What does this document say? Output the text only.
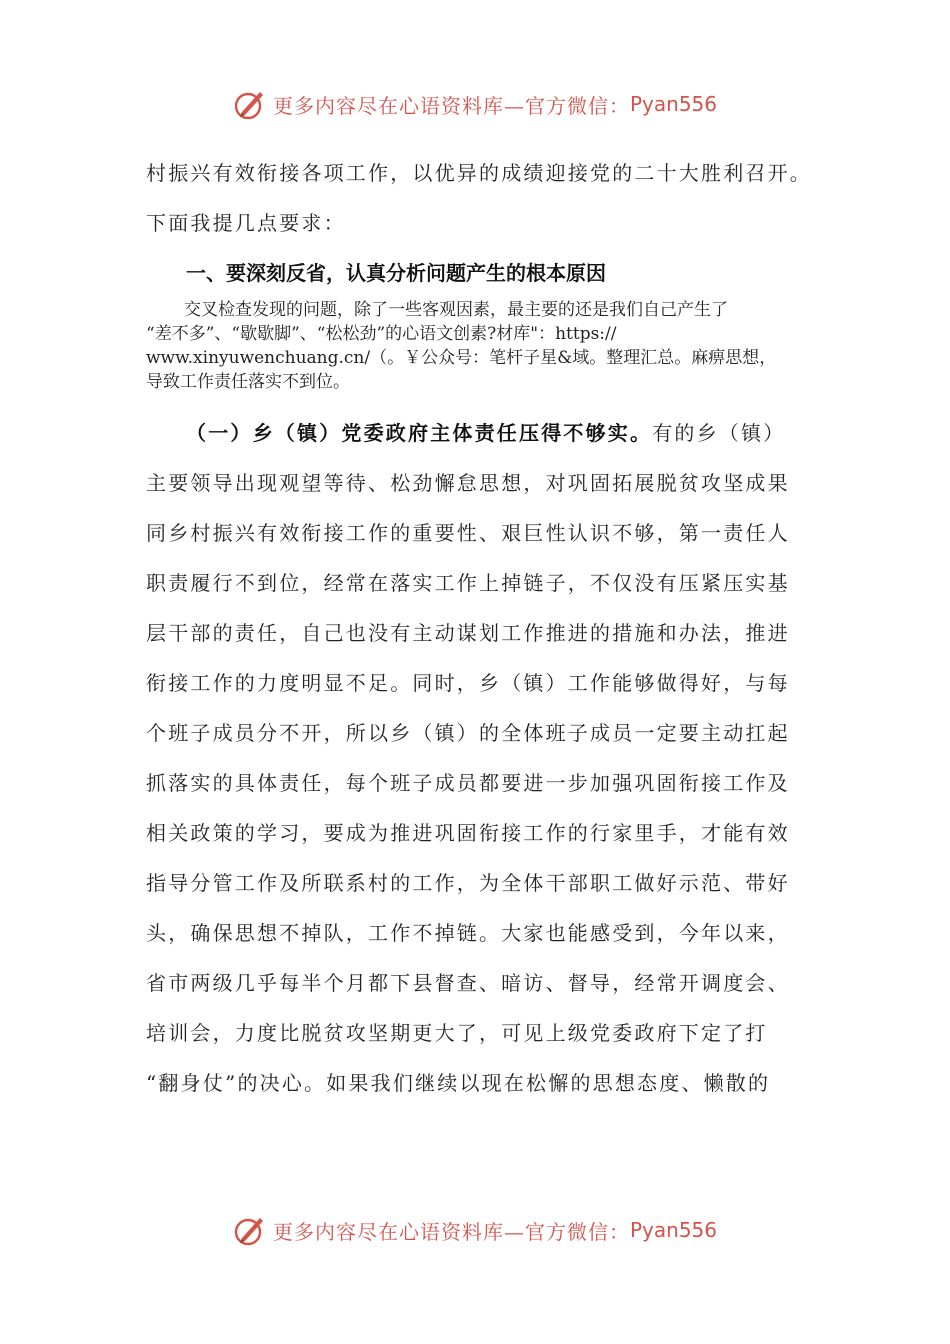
更多内容尽在心语资料库—官方微信： Pyan556
村振兴有效衔接各项工作，以优异的成绩迎接党的二十大胜利召开。
下面我提几点要求：
一、要深刻反省，认真分析问题产生的根本原因
交叉检查发现的问题，除了一些客观因素，最主要的还是我们自己产生了
“差不多”、“歇歇脚”、“松松劲”的心语文创素?材库"：https://
www.xinyuwenchuang.cn/（。￥公众号：笔杆子星&域。整理汇总。麻痹思想，
导致工作责任落实不到位。
（一）乡（镇）党委政府主体责任压得不够实。有的乡（镇）
主要领导出现观望等待、松劲懈怠思想，对巩固拓展脱贫攻坚成果
同乡村振兴有效衔接工作的重要性、艰巨性认识不够，第一责任人
职责履行不到位，经常在落实工作上掉链子，不仅没有压紧压实基
层干部的责任，自己也没有主动谋划工作推进的措施和办法，推进
衔接工作的力度明显不足。同时，乡（镇）工作能够做得好，与每
个班子成员分不开，所以乡（镇）的全体班子成员一定要主动扛起
抓落实的具体责任，每个班子成员都要进一步加强巩固衔接工作及
相关政策的学习，要成为推进巩固衔接工作的行家里手，才能有效
指导分管工作及所联系村的工作，为全体干部职工做好示范、带好
头，确保思想不掉队，工作不掉链。大家也能感受到，今年以来，
省市两级几乎每半个月都下县督查、暗访、督导，经常开调度会、
培训会，力度比脱贫攻坚期更大了，可见上级党委政府下定了打
“翻身仗”的决心。如果我们继续以现在松懈的思想态度、懒散的
更多内容尽在心语资料库—官方微信： Pyan556
